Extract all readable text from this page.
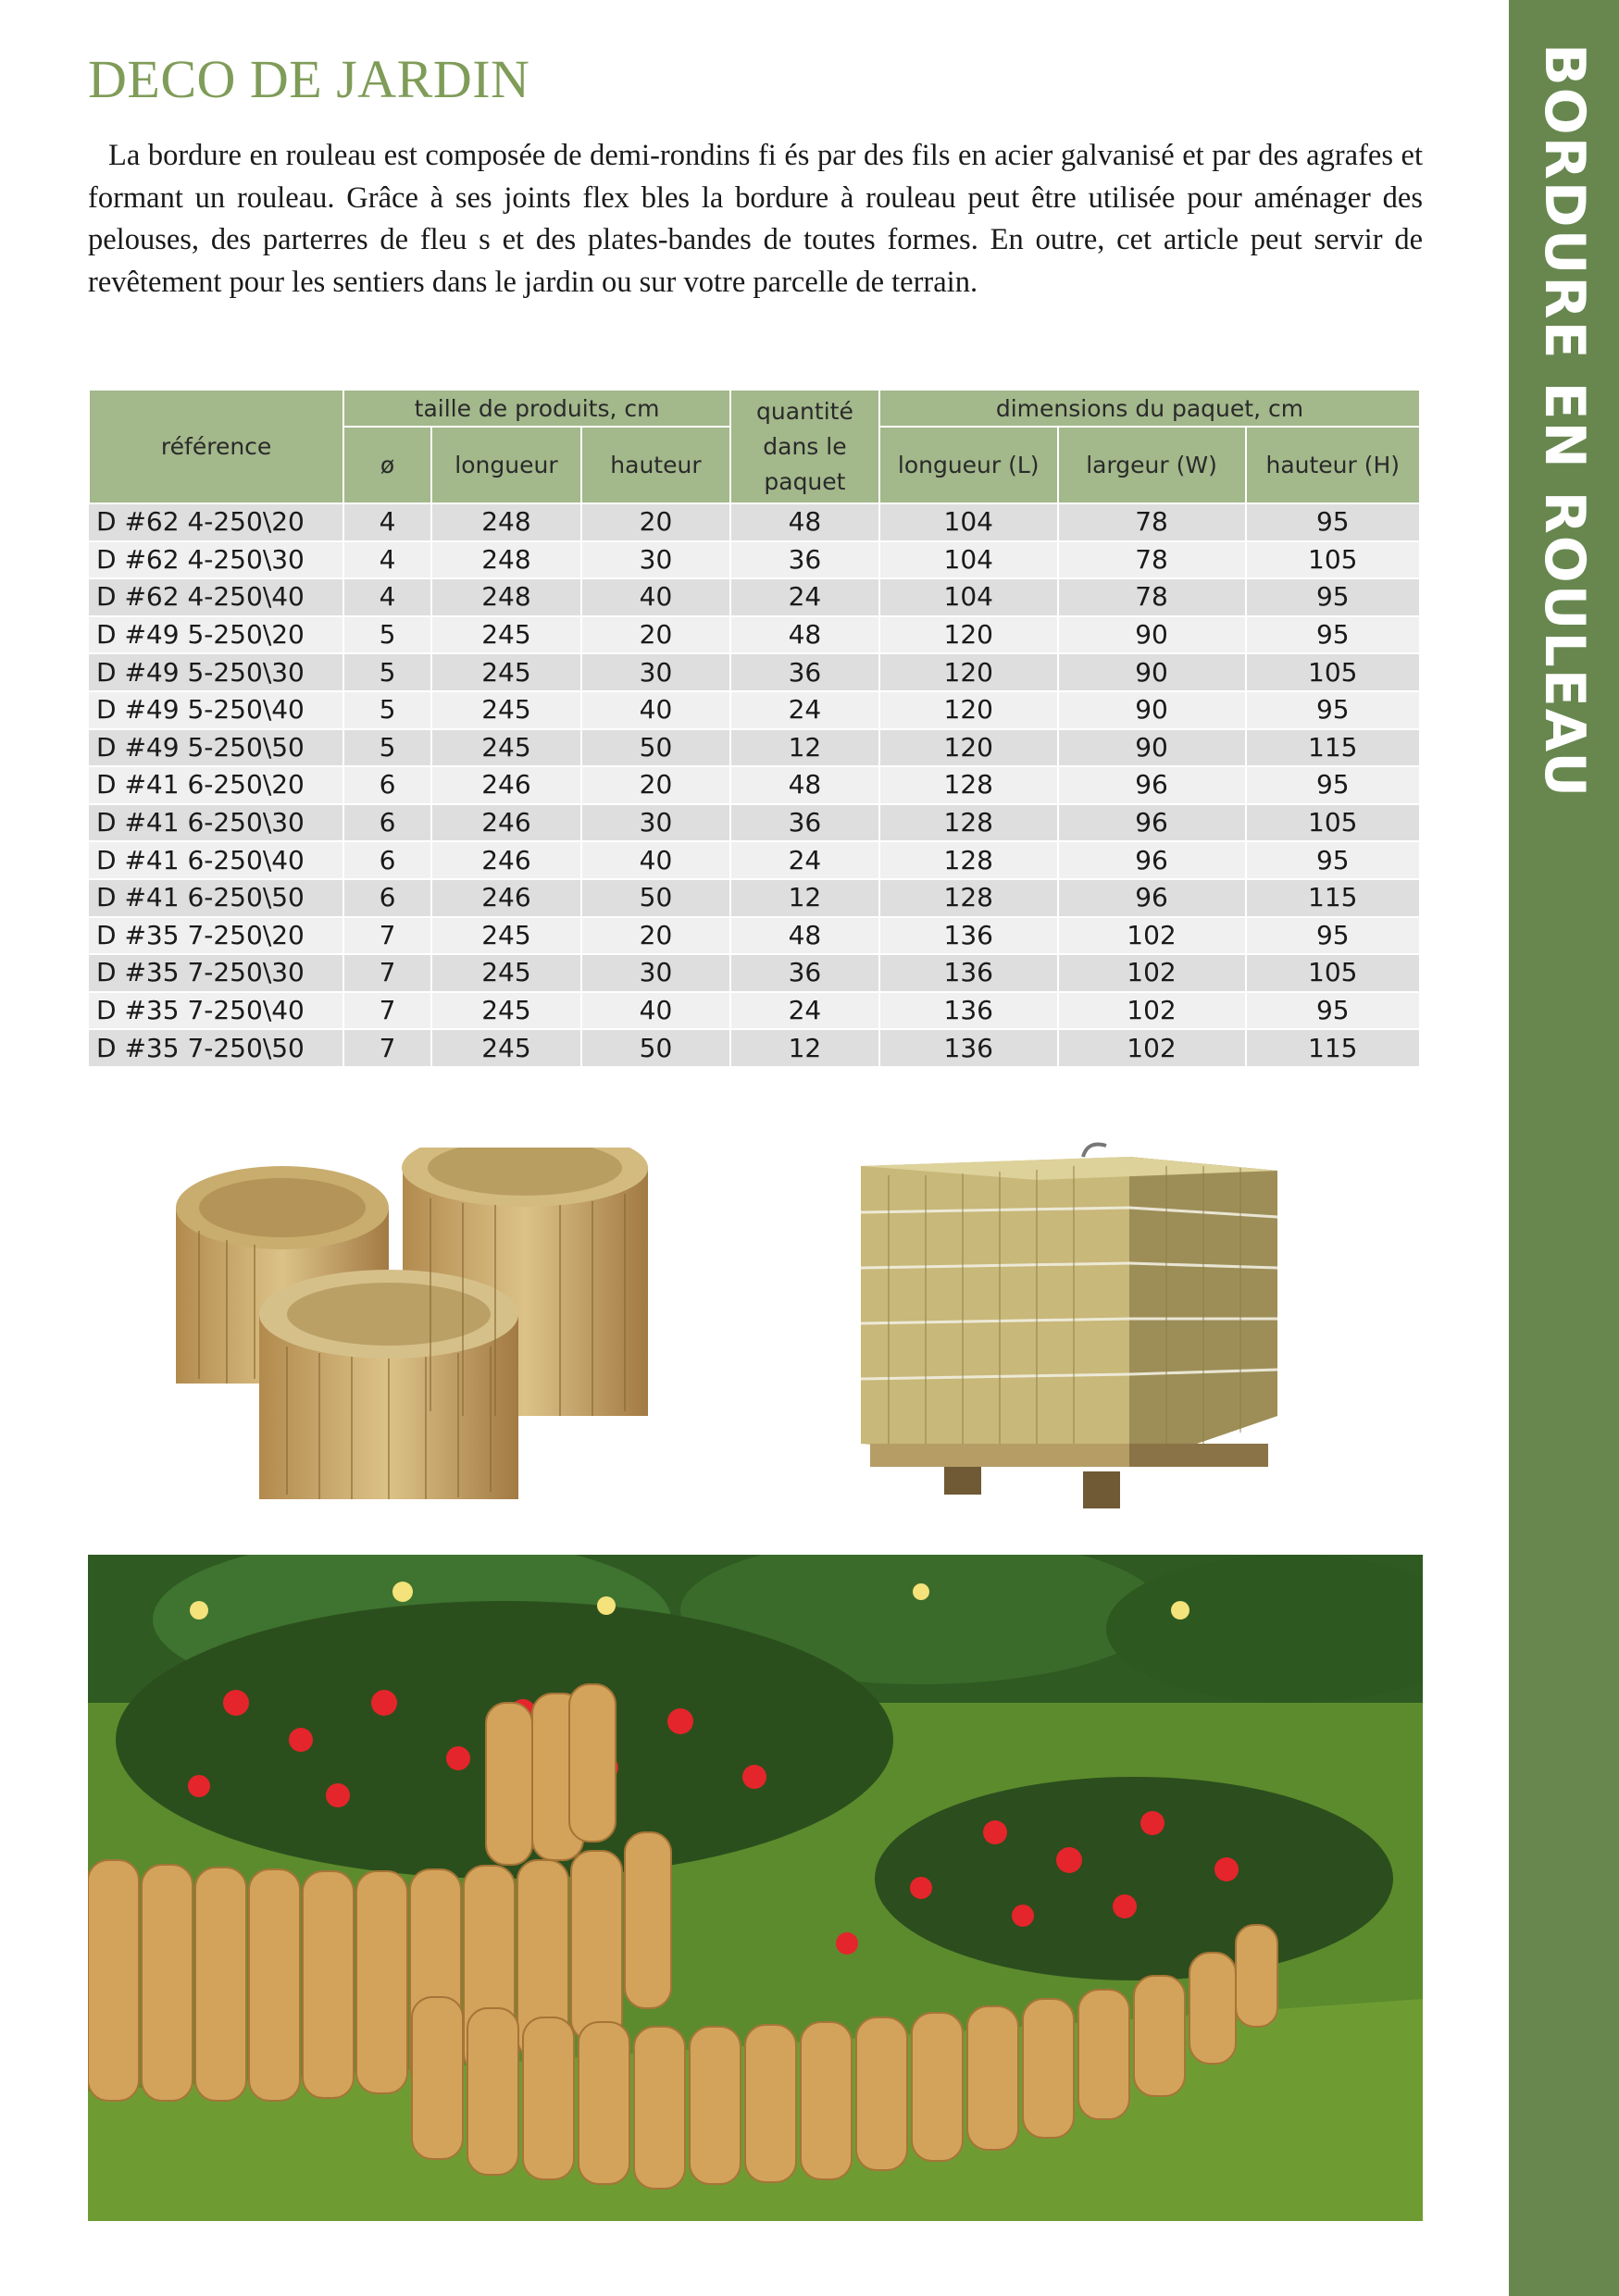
BORDURE EN ROULEAU
DECO DE JARDIN
La bordure en rouleau est composée de demi-rondins fi és par des fils en acier galvanisé et par des agrafes et formant un rouleau. Grâce à ses joints flex bles la bordure à rouleau peut être utilisée pour aménager des pelouses, des parterres de fleu s et des plates-bandes de toutes formes. En outre, cet article peut servir de revêtement pour les sentiers dans le jardin ou sur votre parcelle de terrain.
référence	taille de produits, cm			quantité dans le paquet	dimensions du paquet, cm		
	ø	longueur	hauteur		longueur (L)	largeur (W)	hauteur (H)

D #62 4-250\20	4	248	20	48	104	78	95
D #62 4-250\30	4	248	30	36	104	78	105
D #62 4-250\40	4	248	40	24	104	78	95
D #49 5-250\20	5	245	20	48	120	90	95
D #49 5-250\30	5	245	30	36	120	90	105
D #49 5-250\40	5	245	40	24	120	90	95
D #49 5-250\50	5	245	50	12	120	90	115
D #41 6-250\20	6	246	20	48	128	96	95
D #41 6-250\30	6	246	30	36	128	96	105
D #41 6-250\40	6	246	40	24	128	96	95
D #41 6-250\50	6	246	50	12	128	96	115
D #35 7-250\20	7	245	20	48	136	102	95
D #35 7-250\30	7	245	30	36	136	102	105
D #35 7-250\40	7	245	40	24	136	102	95
D #35 7-250\50	7	245	50	12	136	102	115
